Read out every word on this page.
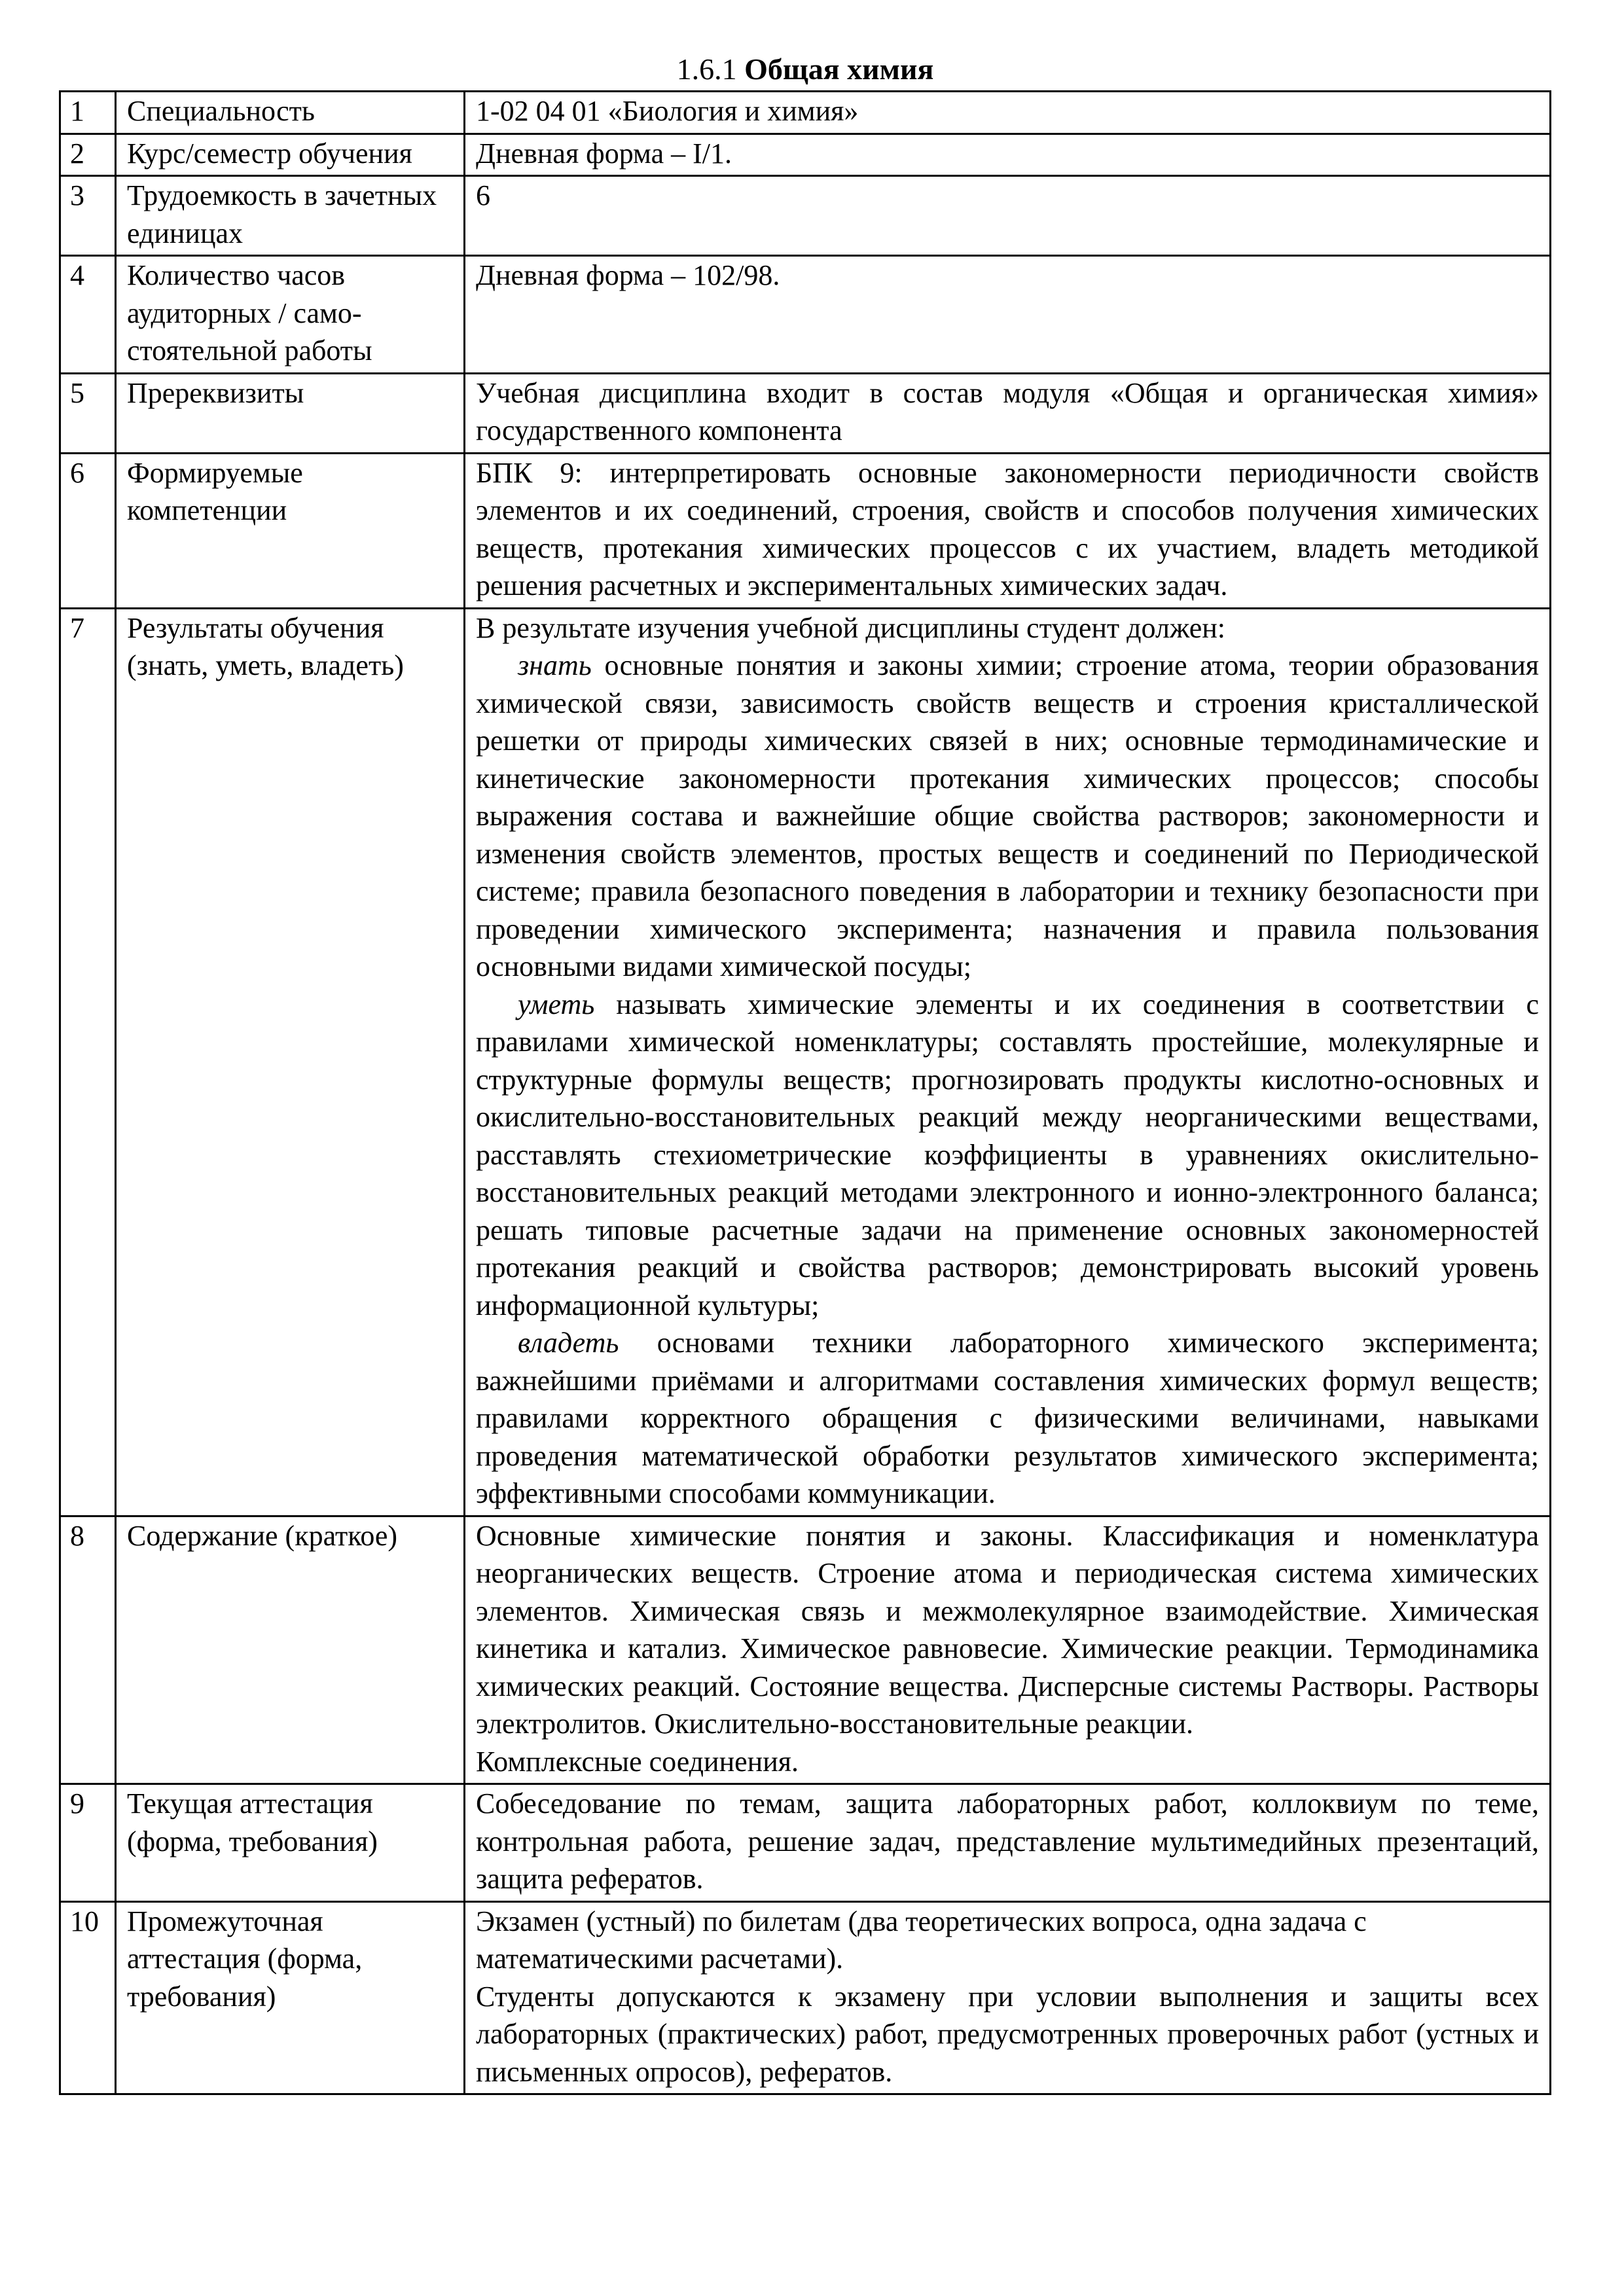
1.6.1 Общая химия
1	Специальность	1-02 04 01 «Биология и химия»
2	Курс/семестр обучения	Дневная форма – I/1.
3	Трудоемкость в зачетных единицах	6
4	Количество часов аудиторных / само-стоятельной работы	Дневная форма – 102/98.
5	Пререквизиты	Учебная дисциплина входит в состав модуля «Общая и органическая химия» государственного компонента
6	Формируемые компетенции	БПК 9: интерпретировать основные закономерности периодичности свойств элементов и их соединений, строения, свойств и способов получения химических веществ, протекания химических процессов с их участием, владеть методикой решения расчетных и экспериментальных химических задач.
7	Результаты обучения (знать, уметь, владеть)	В результате изучения учебной дисциплины студент должен:
знать основные понятия и законы химии; строение атома, теории образования химической связи, зависимость свойств веществ и строения кристаллической решетки от природы химических связей в них; основные термодинамические и кинетические закономерности протекания химических процессов; способы выражения состава и важнейшие общие свойства растворов; закономерности и изменения свойств элементов, простых веществ и соединений по Периодической системе; правила безопасного поведения в лаборатории и технику безопасности при проведении химического эксперимента; назначения и правила пользования основными видами химической посуды;
уметь называть химические элементы и их соединения в соответствии с правилами химической номенклатуры; составлять простейшие, молекулярные и структурные формулы веществ; прогнозировать продукты кислотно-основных и окислительно-восстановительных реакций между неорганическими веществами, расставлять стехиометрические коэффициенты в уравнениях окислительно-восстановительных реакций методами электронного и ионно-электронного баланса; решать типовые расчетные задачи на применение основных закономерностей протекания реакций и свойства растворов; демонстрировать высокий уровень информационной культуры;
владеть основами техники лабораторного химического эксперимента; важнейшими приёмами и алгоритмами составления химических формул веществ; правилами корректного обращения с физическими величинами, навыками проведения математической обработки результатов химического эксперимента; эффективными способами коммуникации.

8	Содержание (краткое)	Основные химические понятия и законы. Классификация и номенклатура неорганических веществ. Строение атома и периодическая система химических элементов. Химическая связь и межмолекулярное взаимодействие. Химическая кинетика и катализ. Химическое равновесие. Химические реакции. Термодинамика химических реакций. Состояние вещества. Дисперсные системы Растворы. Растворы электролитов. Окислительно-восстановительные реакции.
Комплексные соединения.

9	Текущая аттестация (форма, требования)	Собеседование по темам, защита лабораторных работ, коллоквиум по теме, контрольная работа, решение задач, представление мультимедийных презентаций, защита рефератов.
10	Промежуточная аттестация (форма, требования)	Экзамен (устный) по билетам (два теоретических вопроса, одна задача с математическими расчетами).
Студенты допускаются к экзамену при условии выполнения и защиты всех лабораторных (практических) работ, предусмотренных проверочных работ (устных и письменных опросов), рефератов.
